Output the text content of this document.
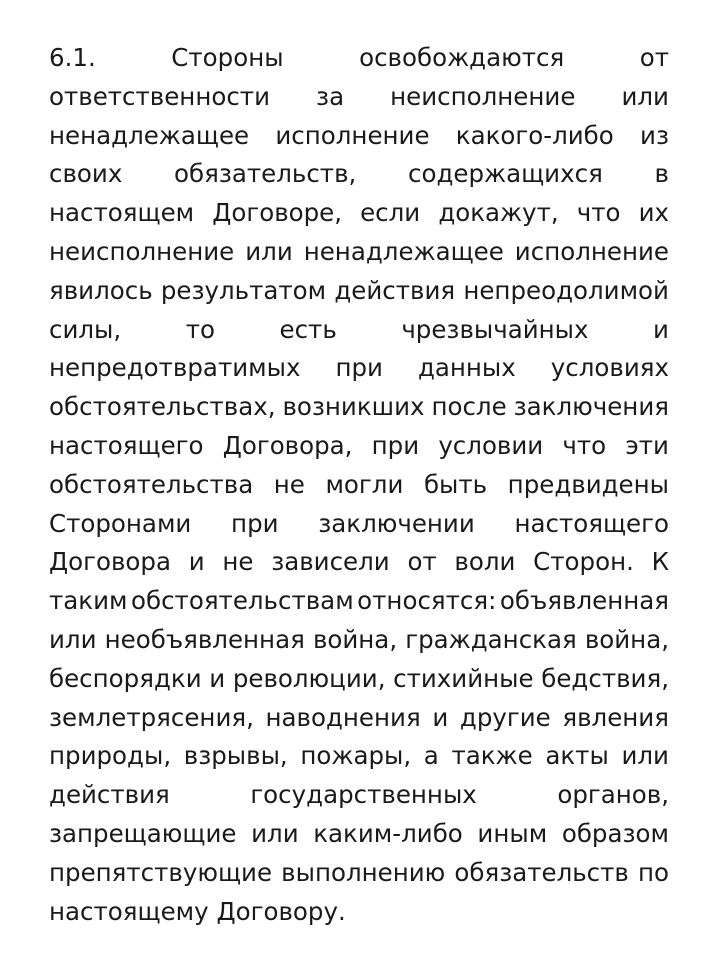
6.1.	Стороны	освобождаются	от
ответственности за неисполнение или
ненадлежащее исполнение какого-либо из
своих обязательств, содержащихся в
настоящем Договоре, если докажут, что их
неисполнение или ненадлежащее исполнение
явилось результатом действия непреодолимой
силы,	то	есть	чрезвычайных	и
непредотвратимых при данных условиях
обстоятельствах, возникших после заключения
настоящего Договора, при условии что эти
обстоятельства не могли быть предвидены
Сторонами при заключении настоящего
Договора и не зависели от воли Сторон. К
таким обстоятельствам относятся: объявленная
или необъявленная война, гражданская война,
беспорядки и революции, стихийные бедствия,
землетрясения, наводнения и другие явления
природы, взрывы, пожары, а также акты или
действия	государственных	органов,
запрещающие или каким-либо иным образом
препятствующие выполнению обязательств по
настоящему Договору.
